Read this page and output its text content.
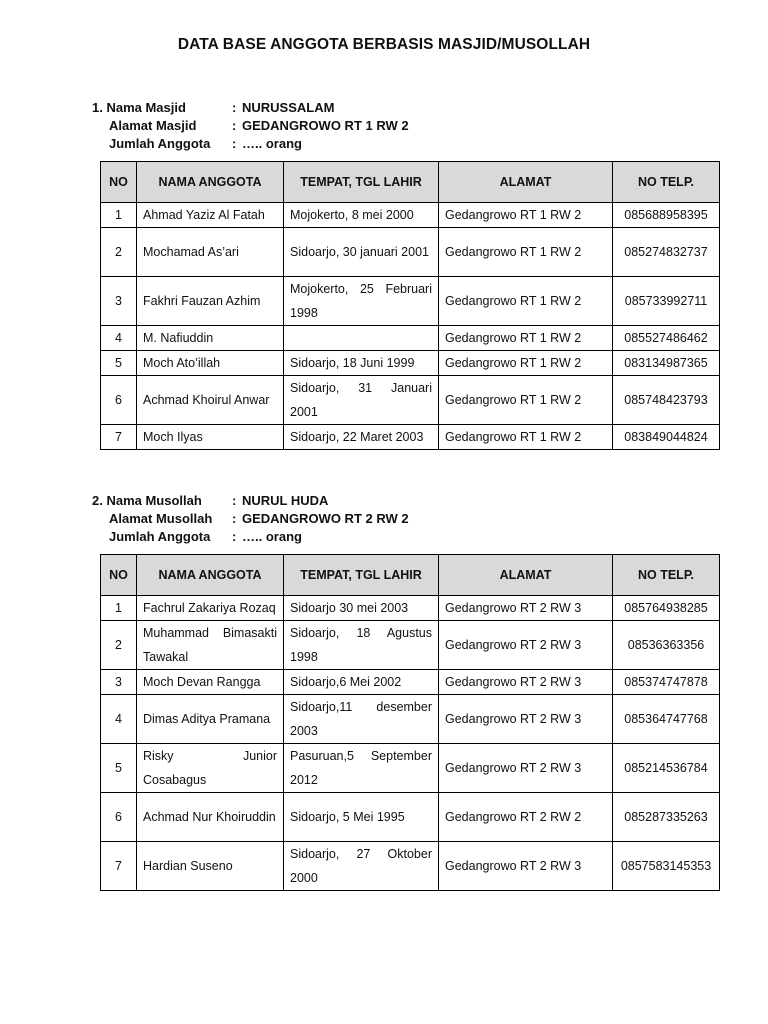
DATA BASE ANGGOTA BERBASIS MASJID/MUSOLLAH
1. Nama Masjid	: NURUSSALAM
Alamat Masjid	: GEDANGROWO RT 1 RW 2
Jumlah Anggota	: ….. orang
NO	NAMA ANGGOTA	TEMPAT, TGL LAHIR	ALAMAT	NO TELP.
1	Ahmad Yaziz Al Fatah	Mojokerto, 8 mei 2000	Gedangrowo RT 1 RW 2	085688958395
2	Mochamad As’ari	Sidoarjo, 30 januari 2001	Gedangrowo RT 1 RW 2	085274832737
3	Fakhri Fauzan Azhim	Mojokerto, 25 Februari 1998	Gedangrowo RT 1 RW 2	085733992711
4	M. Nafiuddin		Gedangrowo RT 1 RW 2	085527486462
5	Moch Ato’illah	Sidoarjo, 18 Juni 1999	Gedangrowo RT 1 RW 2	083134987365
6	Achmad Khoirul Anwar	Sidoarjo, 31 Januari 2001	Gedangrowo RT 1 RW 2	085748423793
7	Moch Ilyas	Sidoarjo, 22 Maret 2003	Gedangrowo RT 1 RW 2	083849044824
2. Nama Musollah	: NURUL HUDA
Alamat Musollah	: GEDANGROWO RT 2 RW 2
Jumlah Anggota	: ….. orang
NO	NAMA ANGGOTA	TEMPAT, TGL LAHIR	ALAMAT	NO TELP.
1	Fachrul Zakariya Rozaq	Sidoarjo 30 mei 2003	Gedangrowo RT 2 RW 3	085764938285
2	Muhammad Bimasakti Tawakal	Sidoarjo, 18 Agustus 1998	Gedangrowo RT 2 RW 3	08536363356
3	Moch Devan Rangga	Sidoarjo,6 Mei 2002	Gedangrowo RT 2 RW 3	085374747878
4	Dimas Aditya Pramana	Sidoarjo,11 desember 2003	Gedangrowo RT 2 RW 3	085364747768
5	Risky Junior Cosabagus	Pasuruan,5 September 2012	Gedangrowo RT 2 RW 3	085214536784
6	Achmad Nur Khoiruddin	Sidoarjo, 5 Mei 1995	Gedangrowo RT 2 RW 2	085287335263
7	Hardian Suseno	Sidoarjo, 27 Oktober 2000	Gedangrowo RT 2 RW 3	0857583145353
